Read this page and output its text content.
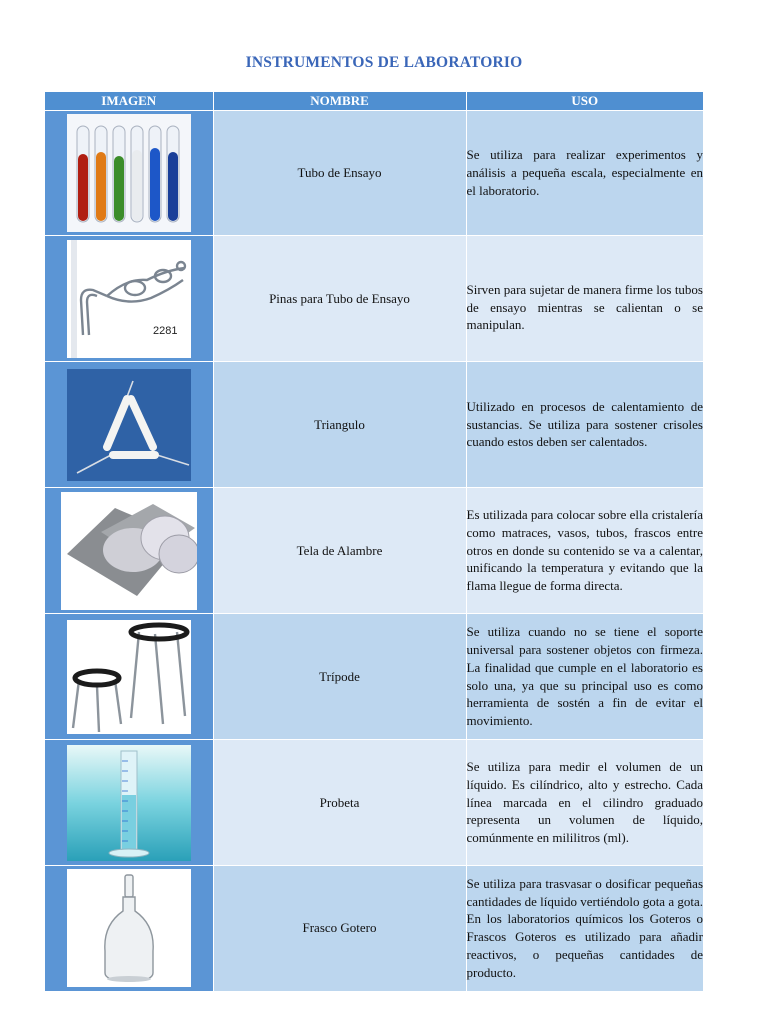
INSTRUMENTOS DE LABORATORIO
IMAGEN	NOMBRE	USO

	Tubo de Ensayo	Se utiliza para realizar experimentos y análisis a pequeña escala, especialmente en el laboratorio.

2281	Pinas para Tubo de Ensayo	Sirven para sujetar de manera firme los tubos de ensayo mientras se calientan o se manipulan.

	Triangulo	Utilizado en procesos de calentamiento de sustancias. Se utiliza para sostener crisoles cuando estos deben ser calentados.

	Tela de Alambre	Es utilizada para colocar sobre ella cristalería como matraces, vasos, tubos, frascos entre otros en donde su contenido se va a calentar, unificando la temperatura y evitando que la flama llegue de forma directa.

	Trípode	Se utiliza cuando no se tiene el soporte universal para sostener objetos con firmeza. La finalidad que cumple en el laboratorio es solo una, ya que su principal uso es como herramienta de sostén a fin de evitar el movimiento.

	Probeta	Se utiliza para medir el volumen de un líquido. Es cilíndrico, alto y estrecho. Cada línea marcada en el cilindro graduado representa un volumen de líquido, comúnmente en mililitros (ml).

	Frasco Gotero	Se utiliza para trasvasar o dosificar pequeñas cantidades de líquido vertiéndolo gota a gota. En los laboratorios químicos los Goteros o Frascos Goteros es utilizado para añadir reactivos, o pequeñas cantidades de producto.
